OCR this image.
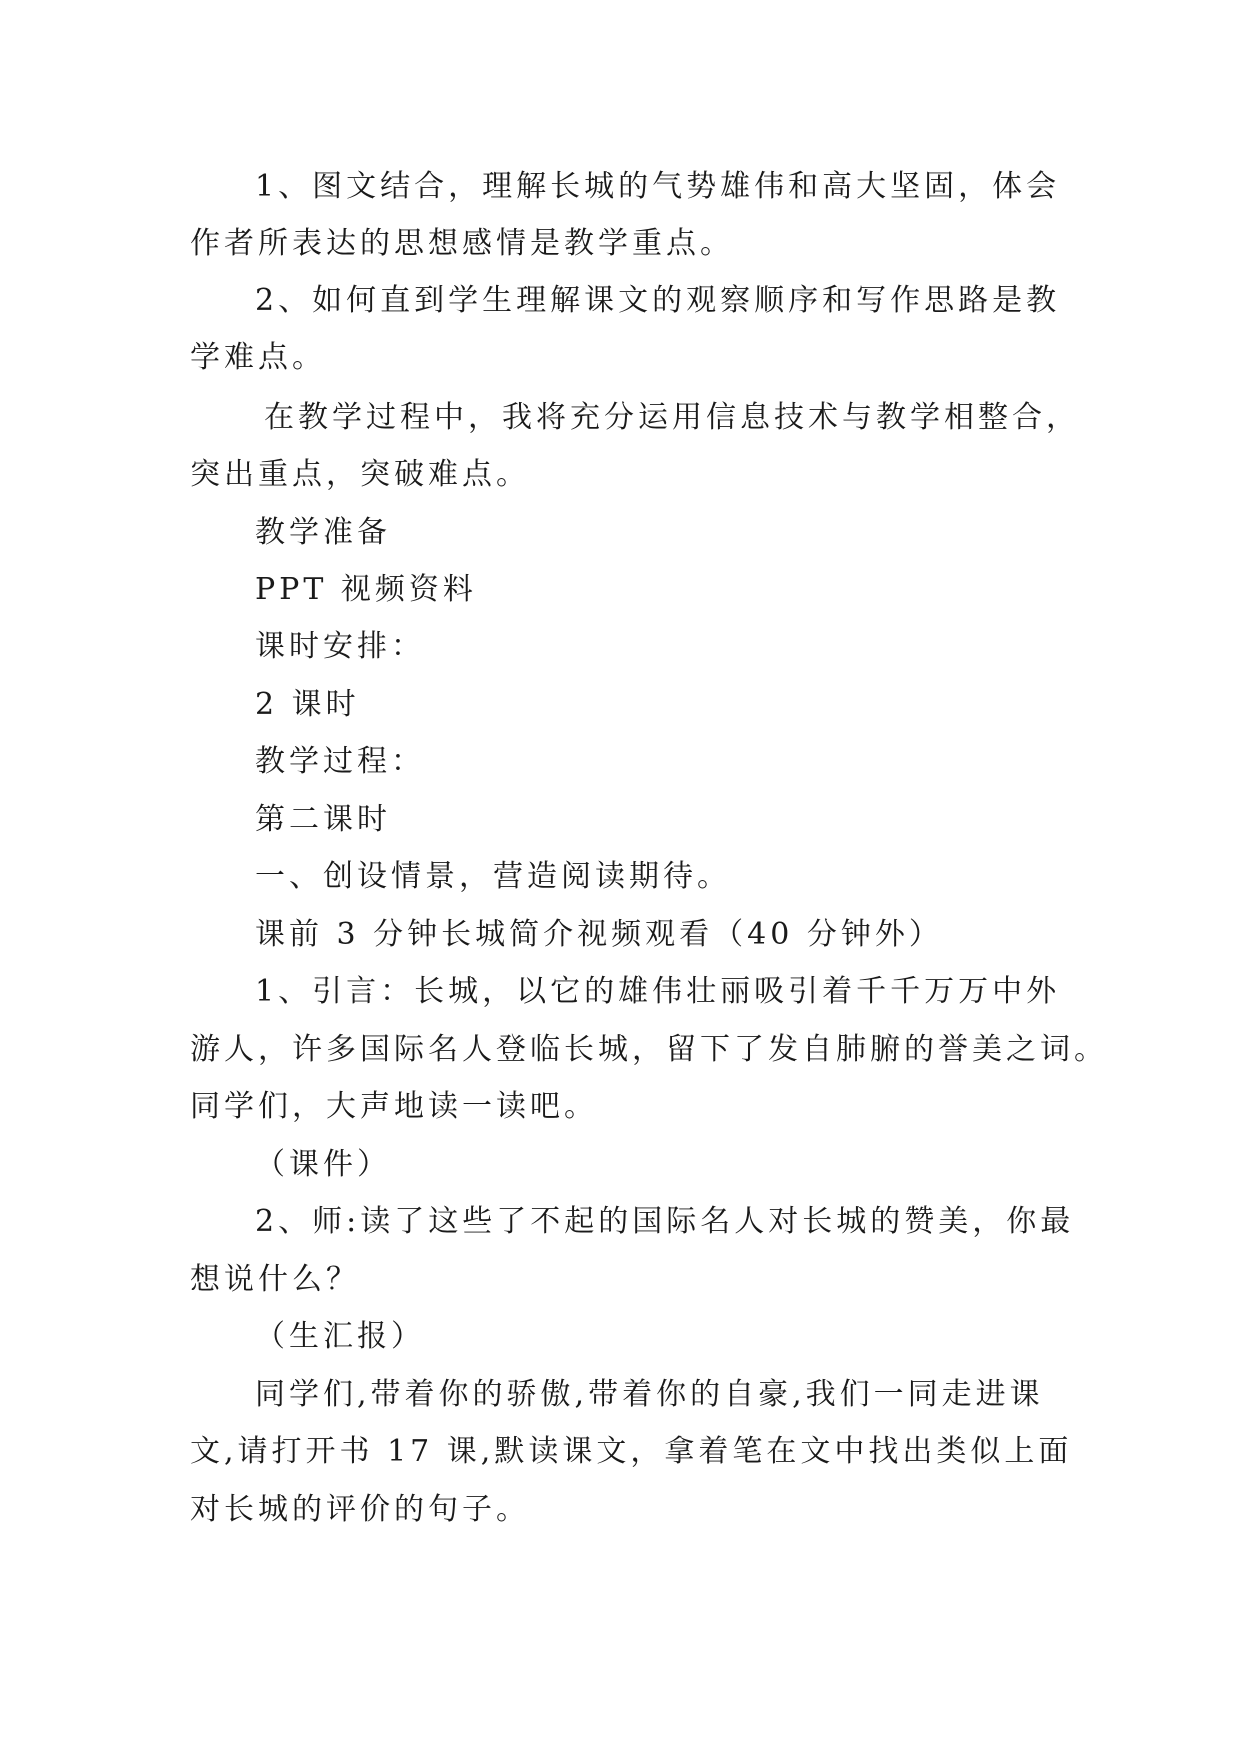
1、图文结合，理解长城的气势雄伟和高大坚固，体会
作者所表达的思想感情是教学重点。
2、如何直到学生理解课文的观察顺序和写作思路是教
学难点。
在教学过程中，我将充分运用信息技术与教学相整合，
突出重点，突破难点。
教学准备
PPT 视频资料
课时安排：
2 课时
教学过程：
第二课时
一、创设情景，营造阅读期待。
课前 3 分钟长城简介视频观看（40 分钟外）
1、引言：长城，以它的雄伟壮丽吸引着千千万万中外
游人，许多国际名人登临长城，留下了发自肺腑的誉美之词。
同学们，大声地读一读吧。
（课件）
2、师:读了这些了不起的国际名人对长城的赞美，你最
想说什么？
（生汇报）
同学们,带着你的骄傲,带着你的自豪,我们一同走进课
文,请打开书 17 课,默读课文，拿着笔在文中找出类似上面
对长城的评价的句子。
